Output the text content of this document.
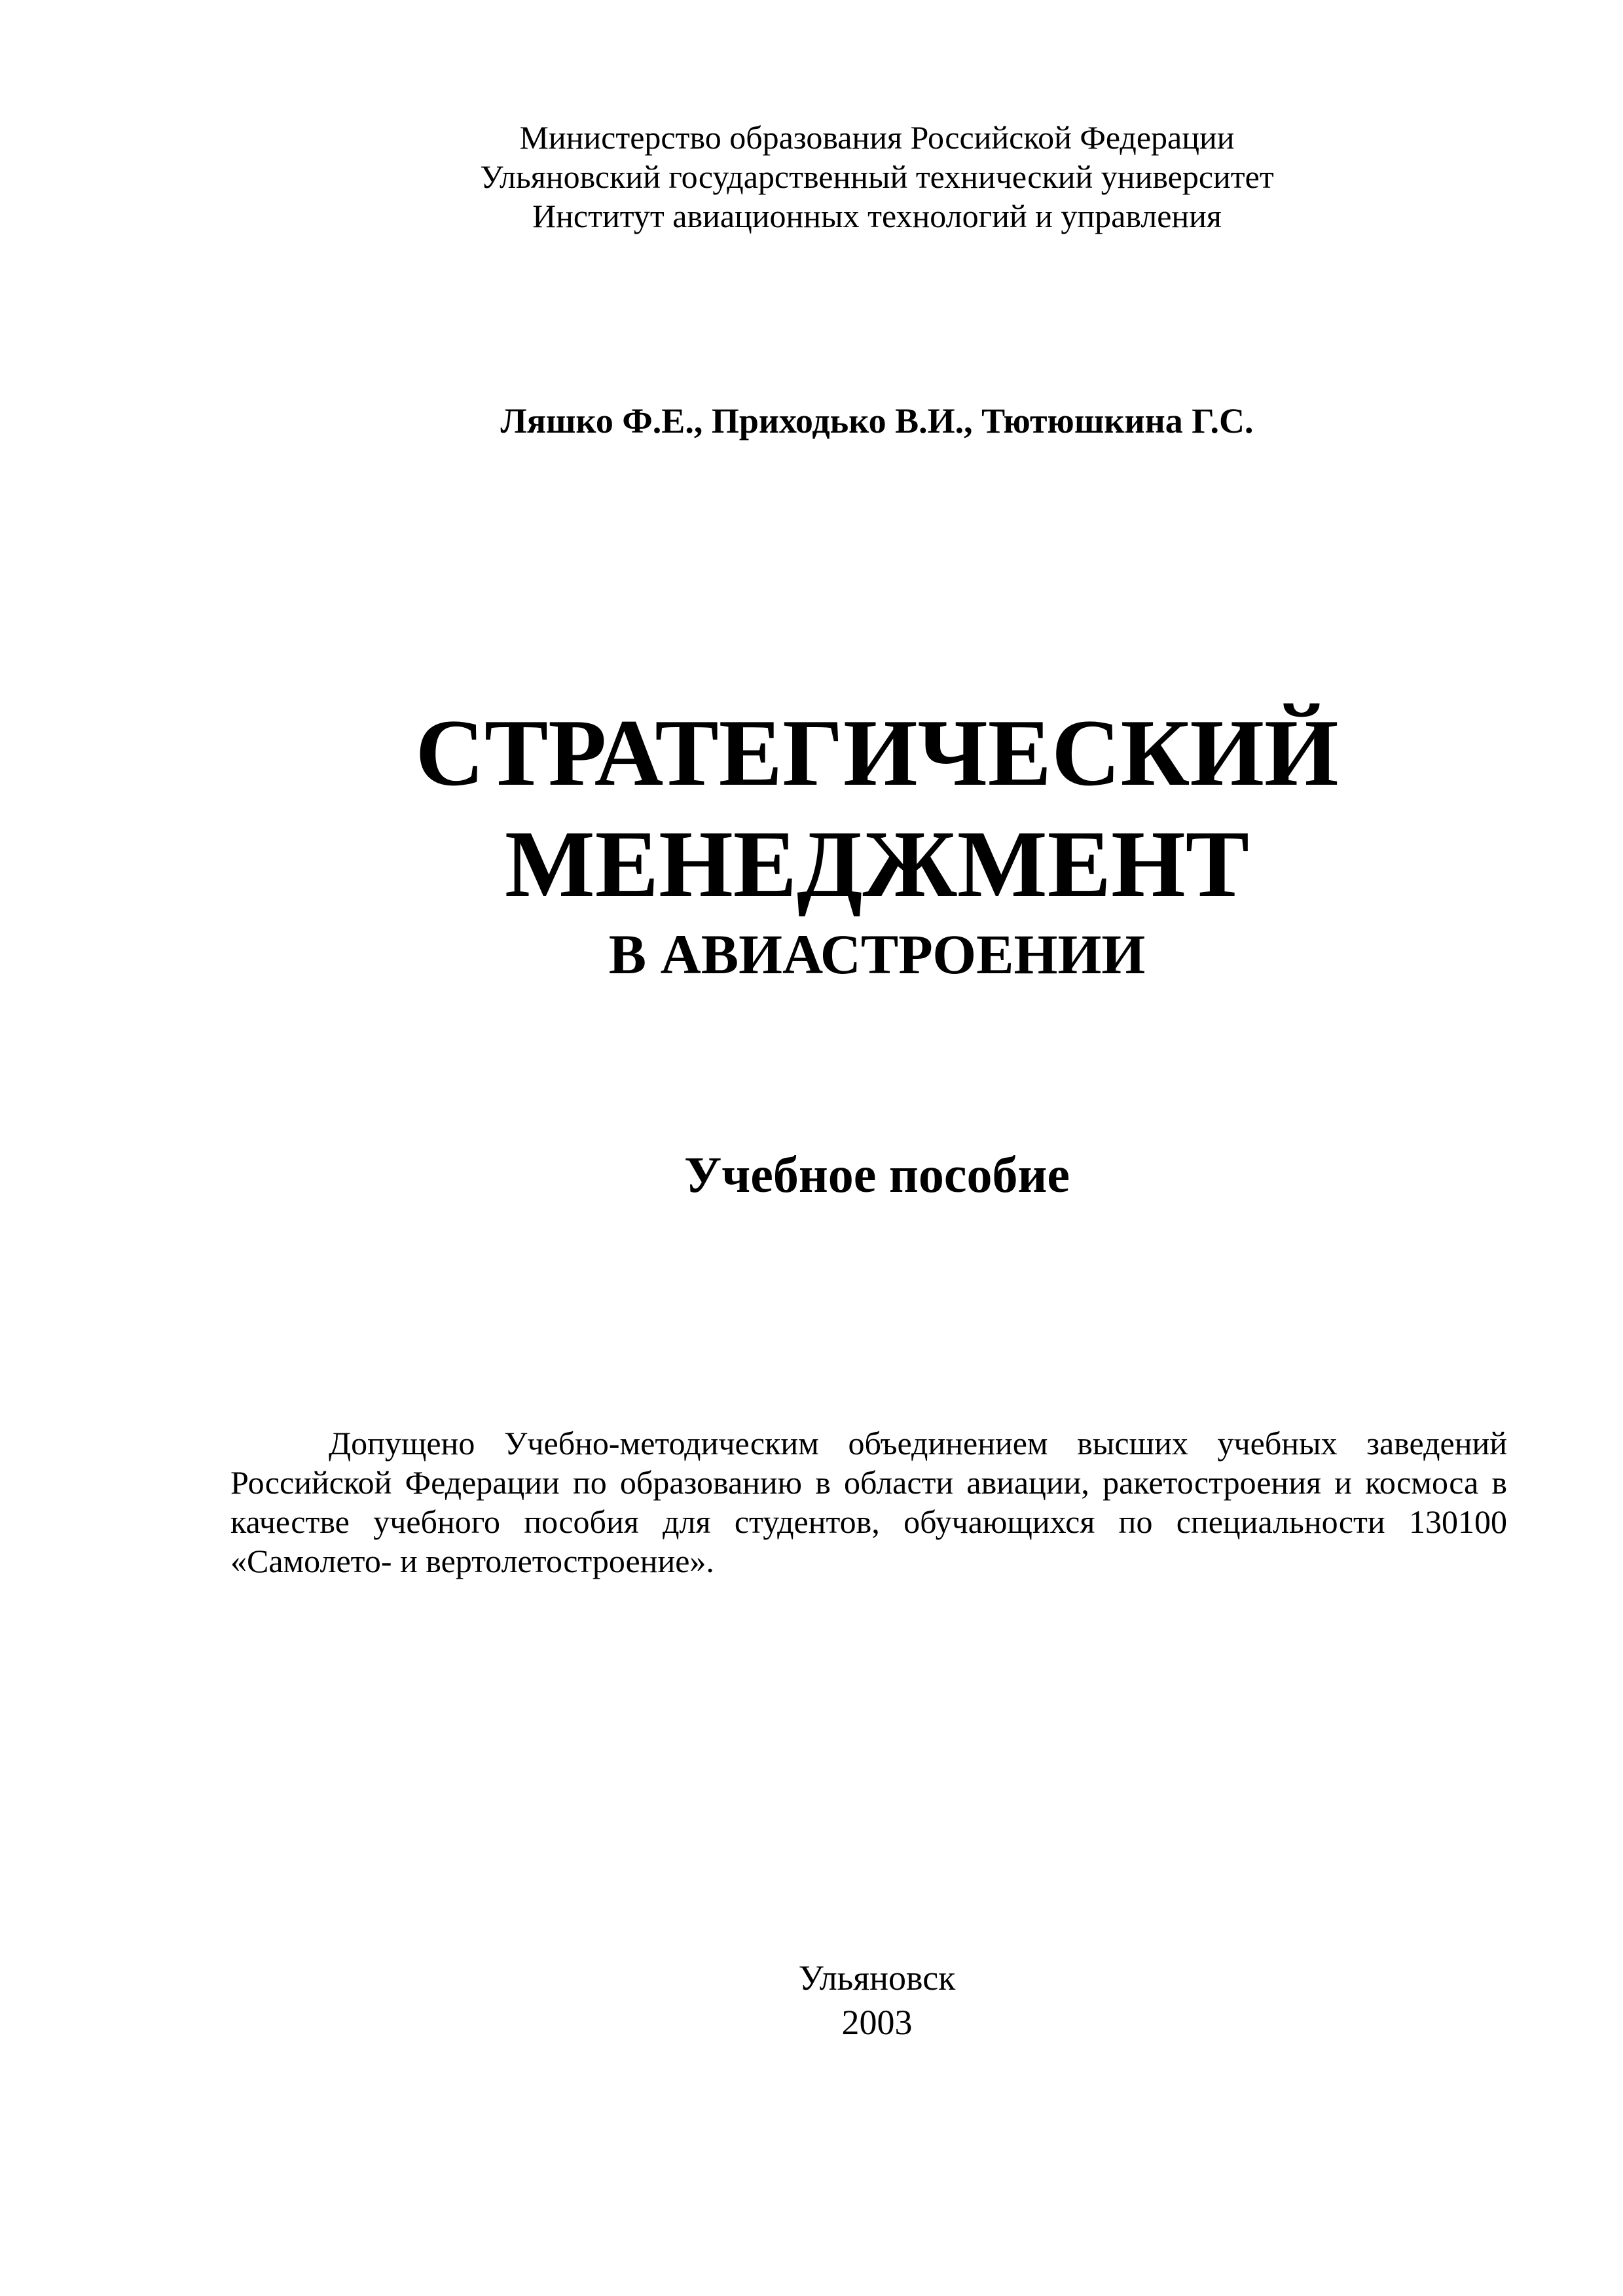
Министерство образования Российской Федерации
Ульяновский государственный технический университет
Институт авиационных технологий и управления
Ляшко Ф.Е., Приходько В.И., Тютюшкина Г.С.
СТРАТЕГИЧЕСКИЙ
МЕНЕДЖМЕНТ
В АВИАСТРОЕНИИ
Учебное пособие
Допущено Учебно-методическим объединением высших учебных заведений Российской Федерации по образованию в области авиации, ракетостроения и космоса в качестве учебного пособия для студентов, обучающихся по специальности 130100 «Самолето- и вертолетостроение».
Ульяновск
2003
